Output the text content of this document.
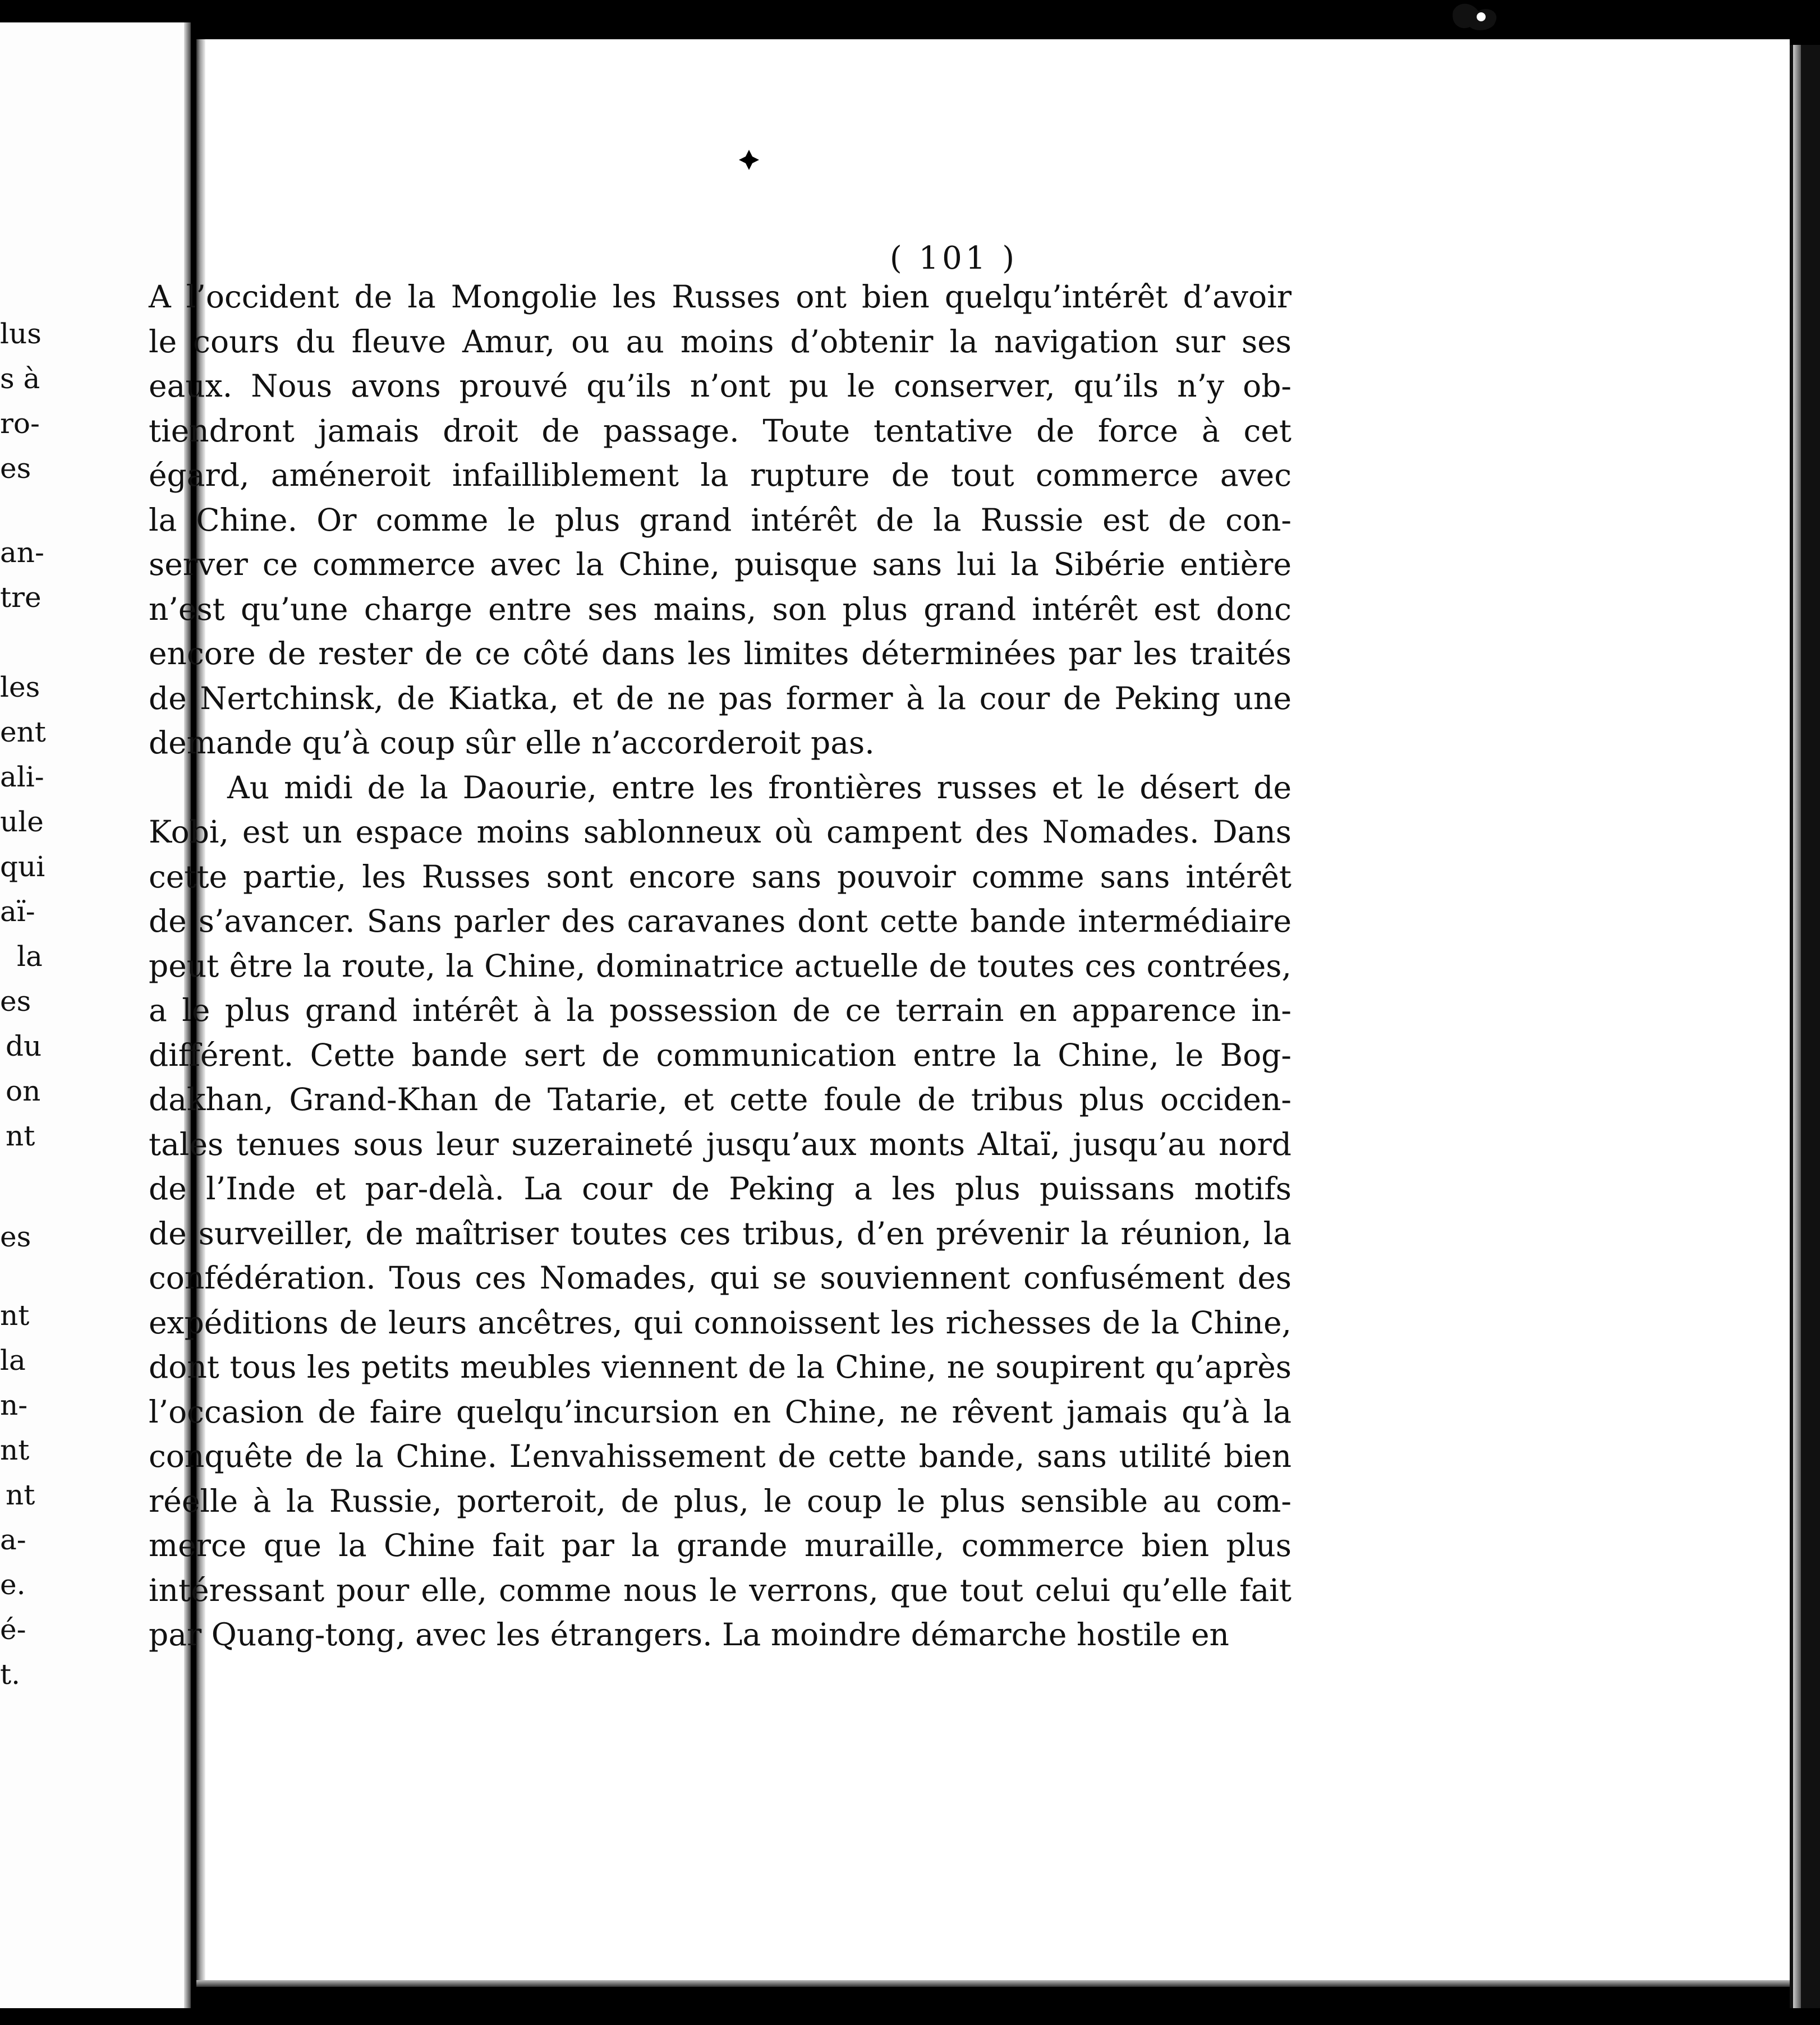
lus
s à
ro-
es
an-
tre
les
ent
ali-
ule
qui
aï-
la
es
du
on
nt
es
nt
la
n-
nt
nt
a-
e.
é-
t.
( 101 )
A l’occident de la Mongolie les Russes ont bien quelqu’intérêt d’avoir
le cours du fleuve Amur, ou au moins d’obtenir la navigation sur ses
eaux. Nous avons prouvé qu’ils n’ont pu le conserver, qu’ils n’y ob-
tiendront jamais droit de passage. Toute tentative de force à cet
égard, améneroit infailliblement la rupture de tout commerce avec
la Chine. Or comme le plus grand intérêt de la Russie est de con-
server ce commerce avec la Chine, puisque sans lui la Sibérie entière
n’est qu’une charge entre ses mains, son plus grand intérêt est donc
encore de rester de ce côté dans les limites déterminées par les traités
de Nertchinsk, de Kiatka, et de ne pas former à la cour de Peking une
demande qu’à coup sûr elle n’accorderoit pas.
Au midi de la Daourie, entre les frontières russes et le désert de
Kobi, est un espace moins sablonneux où campent des Nomades. Dans
cette partie, les Russes sont encore sans pouvoir comme sans intérêt
de s’avancer. Sans parler des caravanes dont cette bande intermédiaire
peut être la route, la Chine, dominatrice actuelle de toutes ces contrées,
a le plus grand intérêt à la possession de ce terrain en apparence in-
différent. Cette bande sert de communication entre la Chine, le Bog-
dakhan, Grand-Khan de Tatarie, et cette foule de tribus plus occiden-
tales tenues sous leur suzeraineté jusqu’aux monts Altaï, jusqu’au nord
de l’Inde et par-delà. La cour de Peking a les plus puissans motifs
de surveiller, de maîtriser toutes ces tribus, d’en prévenir la réunion, la
confédération. Tous ces Nomades, qui se souviennent confusément des
expéditions de leurs ancêtres, qui connoissent les richesses de la Chine,
dont tous les petits meubles viennent de la Chine, ne soupirent qu’après
l’occasion de faire quelqu’incursion en Chine, ne rêvent jamais qu’à la
conquête de la Chine. L’envahissement de cette bande, sans utilité bien
réelle à la Russie, porteroit, de plus, le coup le plus sensible au com-
merce que la Chine fait par la grande muraille, commerce bien plus
intéressant pour elle, comme nous le verrons, que tout celui qu’elle fait
par Quang-tong, avec les étrangers. La moindre démarche hostile en
